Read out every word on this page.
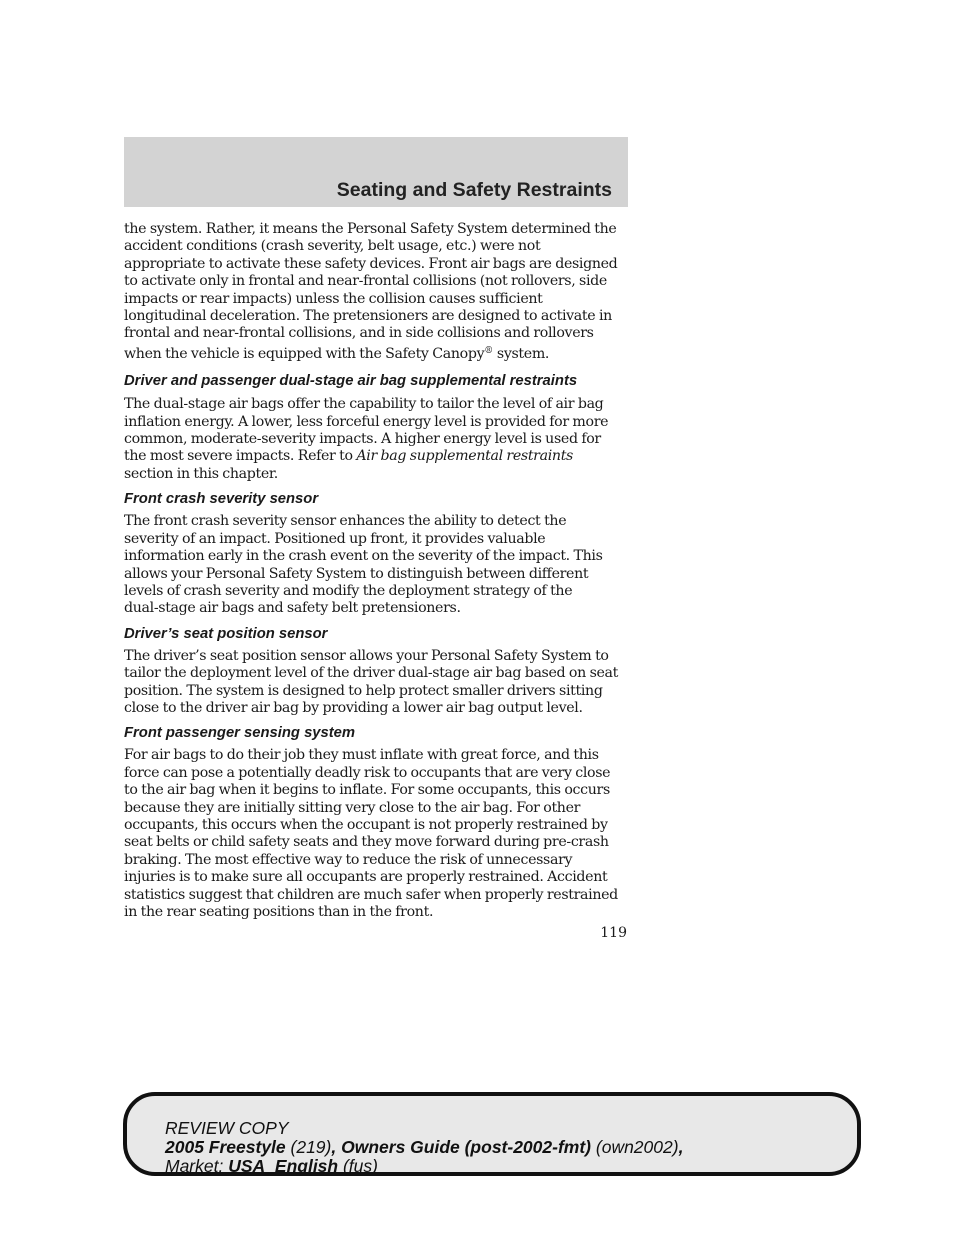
Seating and Safety Restraints

the system. Rather, it means the Personal Safety System determined the
accident conditions (crash severity, belt usage, etc.) were not
appropriate to activate these safety devices. Front air bags are designed
to activate only in frontal and near-frontal collisions (not rollovers, side
impacts or rear impacts) unless the collision causes sufficient
longitudinal deceleration. The pretensioners are designed to activate in
frontal and near-frontal collisions, and in side collisions and rollovers
when the vehicle is equipped with the Safety Canopy® system.

Driver and passenger dual-stage air bag supplemental restraints

The dual-stage air bags offer the capability to tailor the level of air bag
inflation energy. A lower, less forceful energy level is provided for more
common, moderate-severity impacts. A higher energy level is used for
the most severe impacts. Refer to Air bag supplemental restraints
section in this chapter.

Front crash severity sensor

The front crash severity sensor enhances the ability to detect the
severity of an impact. Positioned up front, it provides valuable
information early in the crash event on the severity of the impact. This
allows your Personal Safety System to distinguish between different
levels of crash severity and modify the deployment strategy of the
dual-stage air bags and safety belt pretensioners.

Driver’s seat position sensor

The driver’s seat position sensor allows your Personal Safety System to
tailor the deployment level of the driver dual-stage air bag based on seat
position. The system is designed to help protect smaller drivers sitting
close to the driver air bag by providing a lower air bag output level.

Front passenger sensing system

For air bags to do their job they must inflate with great force, and this
force can pose a potentially deadly risk to occupants that are very close
to the air bag when it begins to inflate. For some occupants, this occurs
because they are initially sitting very close to the air bag. For other
occupants, this occurs when the occupant is not properly restrained by
seat belts or child safety seats and they move forward during pre-crash
braking. The most effective way to reduce the risk of unnecessary
injuries is to make sure all occupants are properly restrained. Accident
statistics suggest that children are much safer when properly restrained
in the rear seating positions than in the front.

119
REVIEW COPY
2005 Freestyle (219), Owners Guide (post-2002-fmt) (own2002),
Market: USA_English (fus)
